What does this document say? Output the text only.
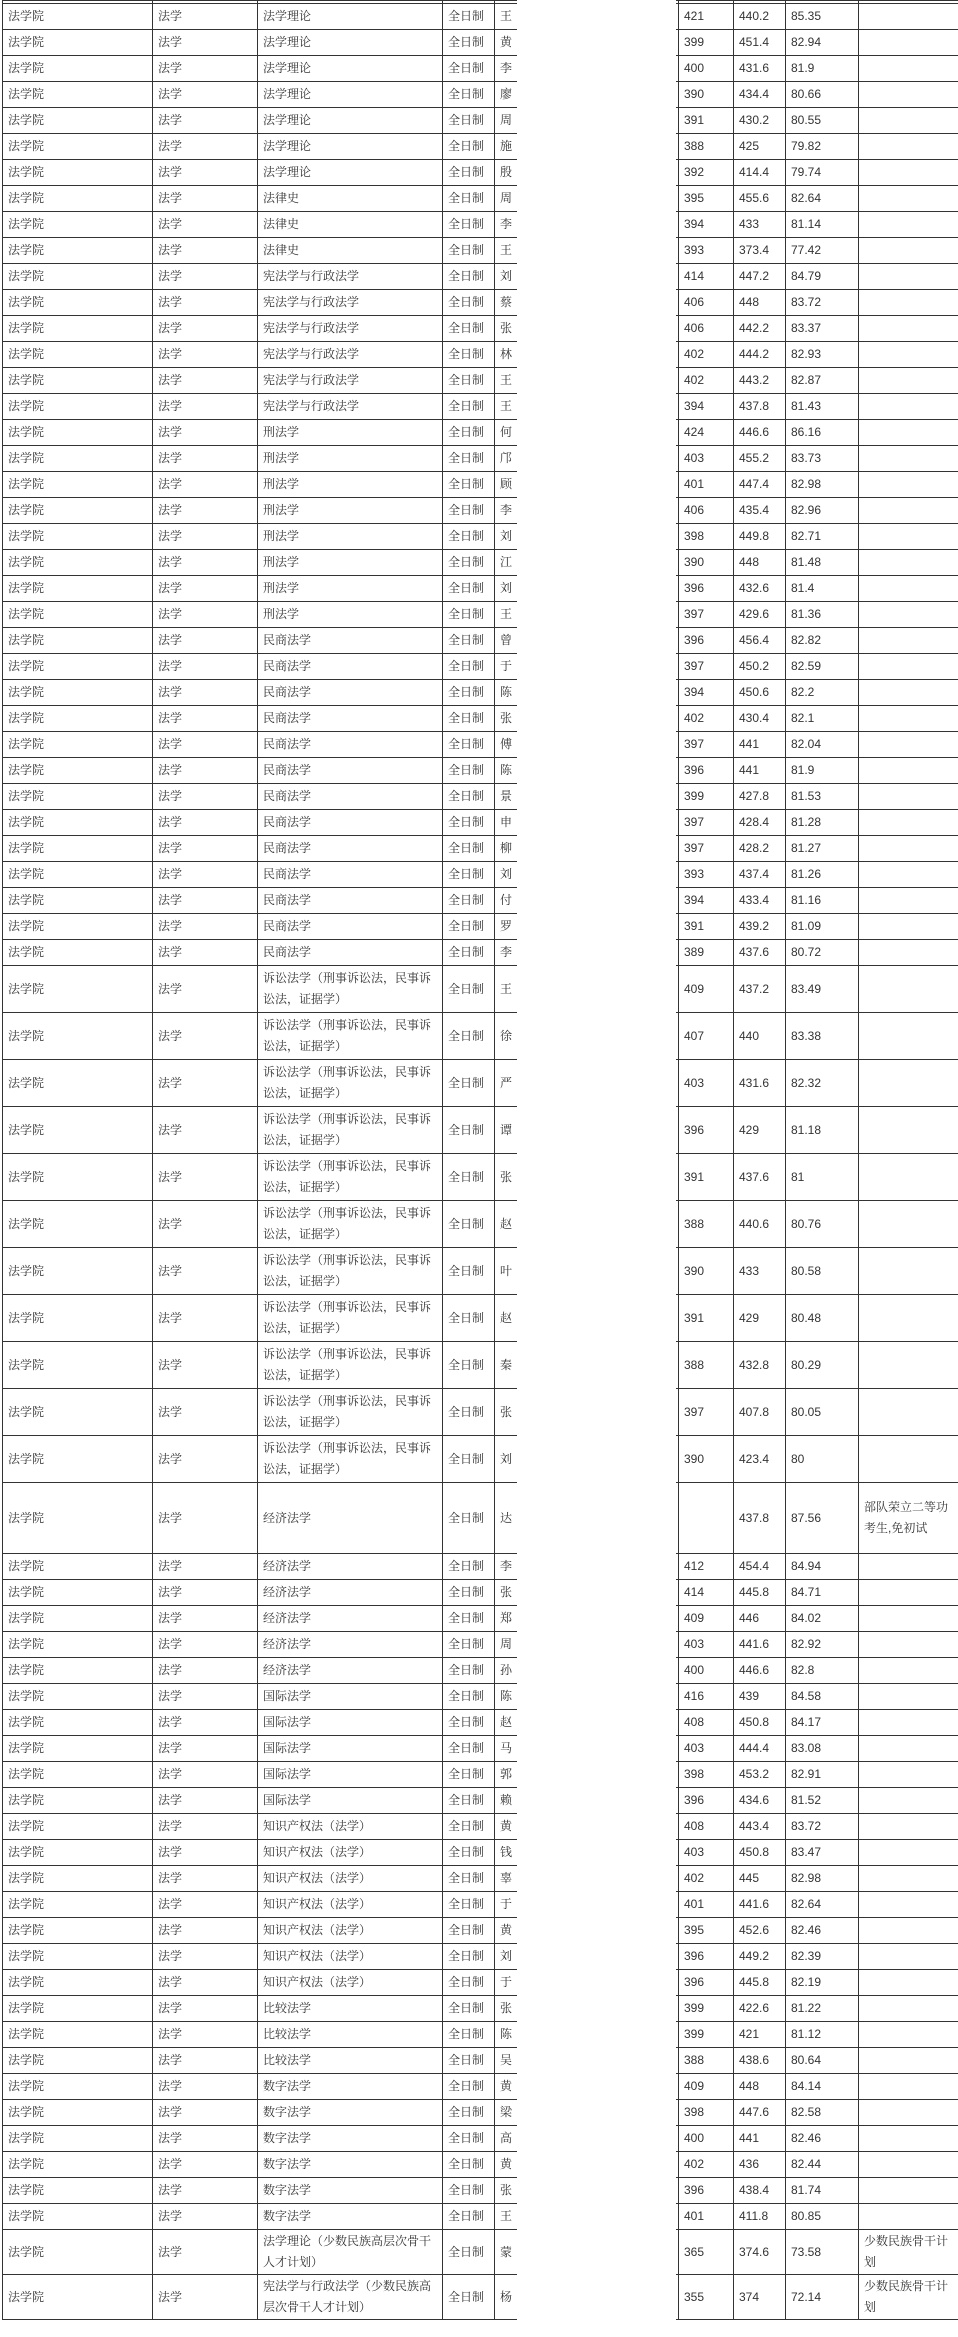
法学院	法学	法学理论	全日制	王	421	440.2	85.35	
法学院	法学	法学理论	全日制	黄	399	451.4	82.94	
法学院	法学	法学理论	全日制	李	400	431.6	81.9	
法学院	法学	法学理论	全日制	廖	390	434.4	80.66	
法学院	法学	法学理论	全日制	周	391	430.2	80.55	
法学院	法学	法学理论	全日制	施	388	425	79.82	
法学院	法学	法学理论	全日制	殷	392	414.4	79.74	
法学院	法学	法律史	全日制	周	395	455.6	82.64	
法学院	法学	法律史	全日制	李	394	433	81.14	
法学院	法学	法律史	全日制	王	393	373.4	77.42	
法学院	法学	宪法学与行政法学	全日制	刘	414	447.2	84.79	
法学院	法学	宪法学与行政法学	全日制	蔡	406	448	83.72	
法学院	法学	宪法学与行政法学	全日制	张	406	442.2	83.37	
法学院	法学	宪法学与行政法学	全日制	林	402	444.2	82.93	
法学院	法学	宪法学与行政法学	全日制	王	402	443.2	82.87	
法学院	法学	宪法学与行政法学	全日制	王	394	437.8	81.43	
法学院	法学	刑法学	全日制	何	424	446.6	86.16	
法学院	法学	刑法学	全日制	邝	403	455.2	83.73	
法学院	法学	刑法学	全日制	顾	401	447.4	82.98	
法学院	法学	刑法学	全日制	李	406	435.4	82.96	
法学院	法学	刑法学	全日制	刘	398	449.8	82.71	
法学院	法学	刑法学	全日制	江	390	448	81.48	
法学院	法学	刑法学	全日制	刘	396	432.6	81.4	
法学院	法学	刑法学	全日制	王	397	429.6	81.36	
法学院	法学	民商法学	全日制	曾	396	456.4	82.82	
法学院	法学	民商法学	全日制	于	397	450.2	82.59	
法学院	法学	民商法学	全日制	陈	394	450.6	82.2	
法学院	法学	民商法学	全日制	张	402	430.4	82.1	
法学院	法学	民商法学	全日制	傅	397	441	82.04	
法学院	法学	民商法学	全日制	陈	396	441	81.9	
法学院	法学	民商法学	全日制	景	399	427.8	81.53	
法学院	法学	民商法学	全日制	申	397	428.4	81.28	
法学院	法学	民商法学	全日制	柳	397	428.2	81.27	
法学院	法学	民商法学	全日制	刘	393	437.4	81.26	
法学院	法学	民商法学	全日制	付	394	433.4	81.16	
法学院	法学	民商法学	全日制	罗	391	439.2	81.09	
法学院	法学	民商法学	全日制	李	389	437.6	80.72	
法学院	法学	诉讼法学（刑事诉讼法，民事诉讼法，证据学）	全日制	王	409	437.2	83.49	
法学院	法学	诉讼法学（刑事诉讼法，民事诉讼法，证据学）	全日制	徐	407	440	83.38	
法学院	法学	诉讼法学（刑事诉讼法，民事诉讼法，证据学）	全日制	严	403	431.6	82.32	
法学院	法学	诉讼法学（刑事诉讼法，民事诉讼法，证据学）	全日制	谭	396	429	81.18	
法学院	法学	诉讼法学（刑事诉讼法，民事诉讼法，证据学）	全日制	张	391	437.6	81	
法学院	法学	诉讼法学（刑事诉讼法，民事诉讼法，证据学）	全日制	赵	388	440.6	80.76	
法学院	法学	诉讼法学（刑事诉讼法，民事诉讼法，证据学）	全日制	叶	390	433	80.58	
法学院	法学	诉讼法学（刑事诉讼法，民事诉讼法，证据学）	全日制	赵	391	429	80.48	
法学院	法学	诉讼法学（刑事诉讼法，民事诉讼法，证据学）	全日制	秦	388	432.8	80.29	
法学院	法学	诉讼法学（刑事诉讼法，民事诉讼法，证据学）	全日制	张	397	407.8	80.05	
法学院	法学	诉讼法学（刑事诉讼法，民事诉讼法，证据学）	全日制	刘	390	423.4	80	
法学院	法学	经济法学	全日制	达		437.8	87.56	部队荣立二等功考生,免初试
法学院	法学	经济法学	全日制	李	412	454.4	84.94	
法学院	法学	经济法学	全日制	张	414	445.8	84.71	
法学院	法学	经济法学	全日制	郑	409	446	84.02	
法学院	法学	经济法学	全日制	周	403	441.6	82.92	
法学院	法学	经济法学	全日制	孙	400	446.6	82.8	
法学院	法学	国际法学	全日制	陈	416	439	84.58	
法学院	法学	国际法学	全日制	赵	408	450.8	84.17	
法学院	法学	国际法学	全日制	马	403	444.4	83.08	
法学院	法学	国际法学	全日制	郭	398	453.2	82.91	
法学院	法学	国际法学	全日制	赖	396	434.6	81.52	
法学院	法学	知识产权法（法学）	全日制	黄	408	443.4	83.72	
法学院	法学	知识产权法（法学）	全日制	钱	403	450.8	83.47	
法学院	法学	知识产权法（法学）	全日制	辜	402	445	82.98	
法学院	法学	知识产权法（法学）	全日制	于	401	441.6	82.64	
法学院	法学	知识产权法（法学）	全日制	黄	395	452.6	82.46	
法学院	法学	知识产权法（法学）	全日制	刘	396	449.2	82.39	
法学院	法学	知识产权法（法学）	全日制	于	396	445.8	82.19	
法学院	法学	比较法学	全日制	张	399	422.6	81.22	
法学院	法学	比较法学	全日制	陈	399	421	81.12	
法学院	法学	比较法学	全日制	吴	388	438.6	80.64	
法学院	法学	数字法学	全日制	黄	409	448	84.14	
法学院	法学	数字法学	全日制	梁	398	447.6	82.58	
法学院	法学	数字法学	全日制	高	400	441	82.46	
法学院	法学	数字法学	全日制	黄	402	436	82.44	
法学院	法学	数字法学	全日制	张	396	438.4	81.74	
法学院	法学	数字法学	全日制	王	401	411.8	80.85	
法学院	法学	法学理论（少数民族高层次骨干人才计划）	全日制	蒙	365	374.6	73.58	少数民族骨干计划
法学院	法学	宪法学与行政法学（少数民族高层次骨干人才计划）	全日制	杨	355	374	72.14	少数民族骨干计划
